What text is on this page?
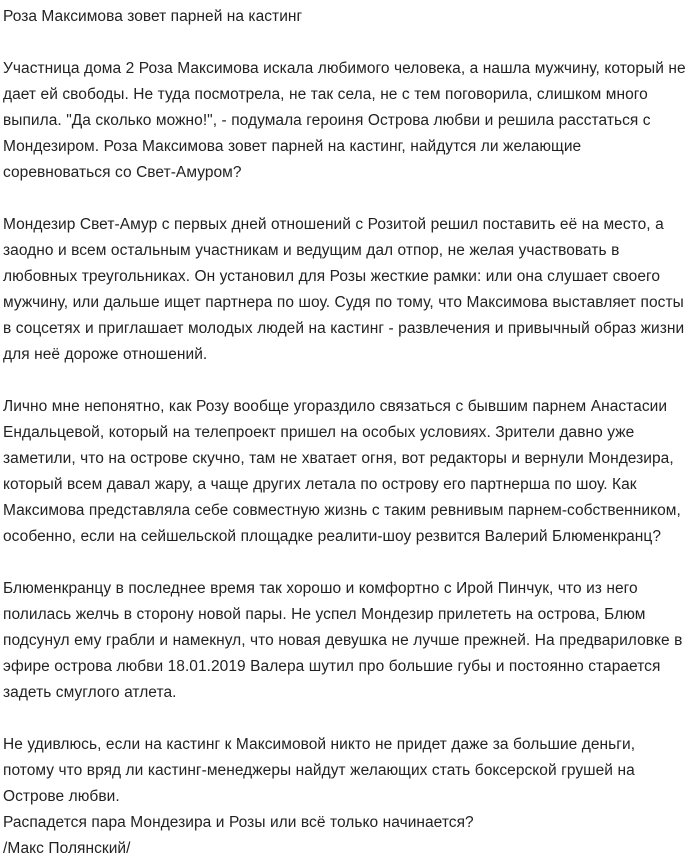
Роза Максимова зовет парней на кастинг

Участница дома 2 Роза Максимова искала любимого человека, а нашла мужчину, который не дает ей свободы. Не туда посмотрела, не так села, не с тем поговорила, слишком много выпила. "Да сколько можно!", - подумала героиня Острова любви и решила расстаться с Мондезиром. Роза Максимова зовет парней на кастинг, найдутся ли желающие соревноваться со Свет-Амуром?

Мондезир Свет-Амур с первых дней отношений с Розитой решил поставить её на место, а заодно и всем остальным участникам и ведущим дал отпор, не желая участвовать в любовных треугольниках. Он установил для Розы жесткие рамки: или она слушает своего мужчину, или дальше ищет партнера по шоу. Судя по тому, что Максимова выставляет посты в соцсетях и приглашает молодых людей на кастинг - развлечения и привычный образ жизни для неё дороже отношений.

Лично мне непонятно, как Розу вообще угораздило связаться с бывшим парнем Анастасии Ендальцевой, который на телепроект пришел на особых условиях. Зрители давно уже заметили, что на острове скучно, там не хватает огня, вот редакторы и вернули Мондезира, который всем давал жару, а чаще других летала по острову его партнерша по шоу. Как Максимова представляла себе совместную жизнь с таким ревнивым парнем-собственником, особенно, если на сейшельской площадке реалити-шоу резвится Валерий Блюменкранц?

Блюменкранцу в последнее время так хорошо и комфортно с Ирой Пинчук, что из него полилась желчь в сторону новой пары. Не успел Мондезир прилететь на острова, Блюм подсунул ему грабли и намекнул, что новая девушка не лучше прежней. На предвариловке в эфире острова любви 18.01.2019 Валера шутил про большие губы и постоянно старается задеть смуглого атлета.

Не удивлюсь, если на кастинг к Максимовой никто не придет даже за большие деньги, потому что вряд ли кастинг-менеджеры найдут желающих стать боксерской грушей на Острове любви.

Распадется пара Мондезира и Розы или всё только начинается?

/Макс Полянский/
